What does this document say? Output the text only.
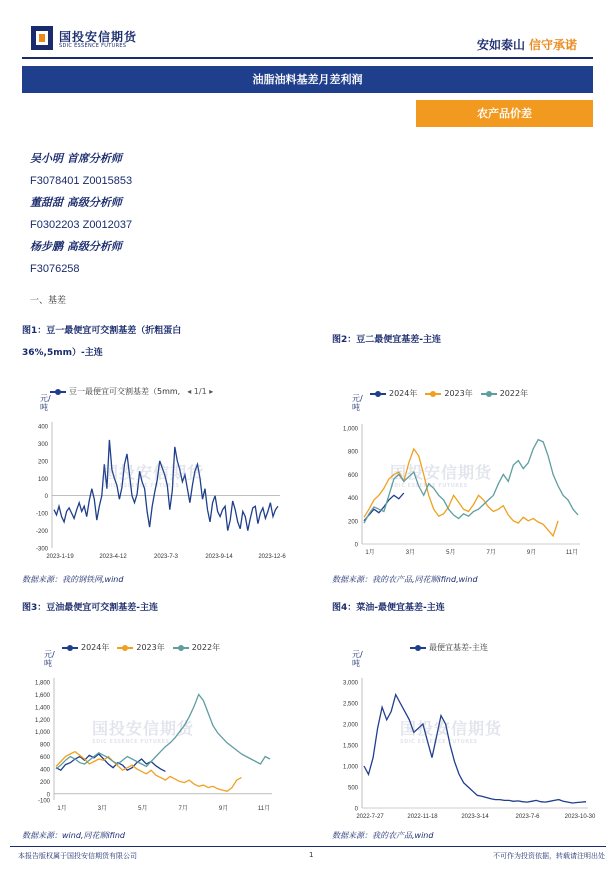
国投安信期货
SDIC ESSENCE FUTURES	安如泰山 信守承诺
油脂油料基差月差利润
农产品价差
吴小明 首席分析师
F3078401 Z0015853
董甜甜 高级分析师
F0302203 Z0012037
杨步鹏 高级分析师
F3076258
一、基差
图1：豆一最便宜可交割基差（折粗蛋白
36%,5mm）-主连
图2：豆二最便宜基差-主连
图3：豆油最便宜可交割基差-主连	图4：菜油-最便宜基差-主连
400
300
200
100
0
-100
-200
-300
2023-1-19	2023-4-12	2023-7-3	2023-9-14	2023-12-6
豆一最便宜可交割基差（5mm, ◂ 1/1 ▸
元/吨
国投安信期货
SDIC ESSENCE FUTURES
数据来源：我的钢铁网,wind
1,000
800
600
400
200
0
1月	3月	5月	7月	9月	11月
2024年	2023年	2022年
元/吨
国投安信期货
SDIC ESSENCE FUTURES
数据来源：我的农产品,同花顺ifind,wind
1,800
1,600
1,400
1,200
1,000
800
600
400
200
0
-100
1月	3月	5月	7月	9月	11月
2024年	2023年	2022年
元/吨
国投安信期货
SDIC ESSENCE FUTURES
数据来源：wind,同花顺ifind
3,000
2,500
2,000
1,500
1,000
500
0
2022-7-27	2022-11-18	2023-3-14	2023-7-6	2023-10-30
最便宜基差-主连
元/吨
国投安信期货
SDIC ESSENCE FUTURES
数据来源：我的农产品,wind
本报告版权属于国投安信期货有限公司	1	不可作为投资依据，转载请注明出处
